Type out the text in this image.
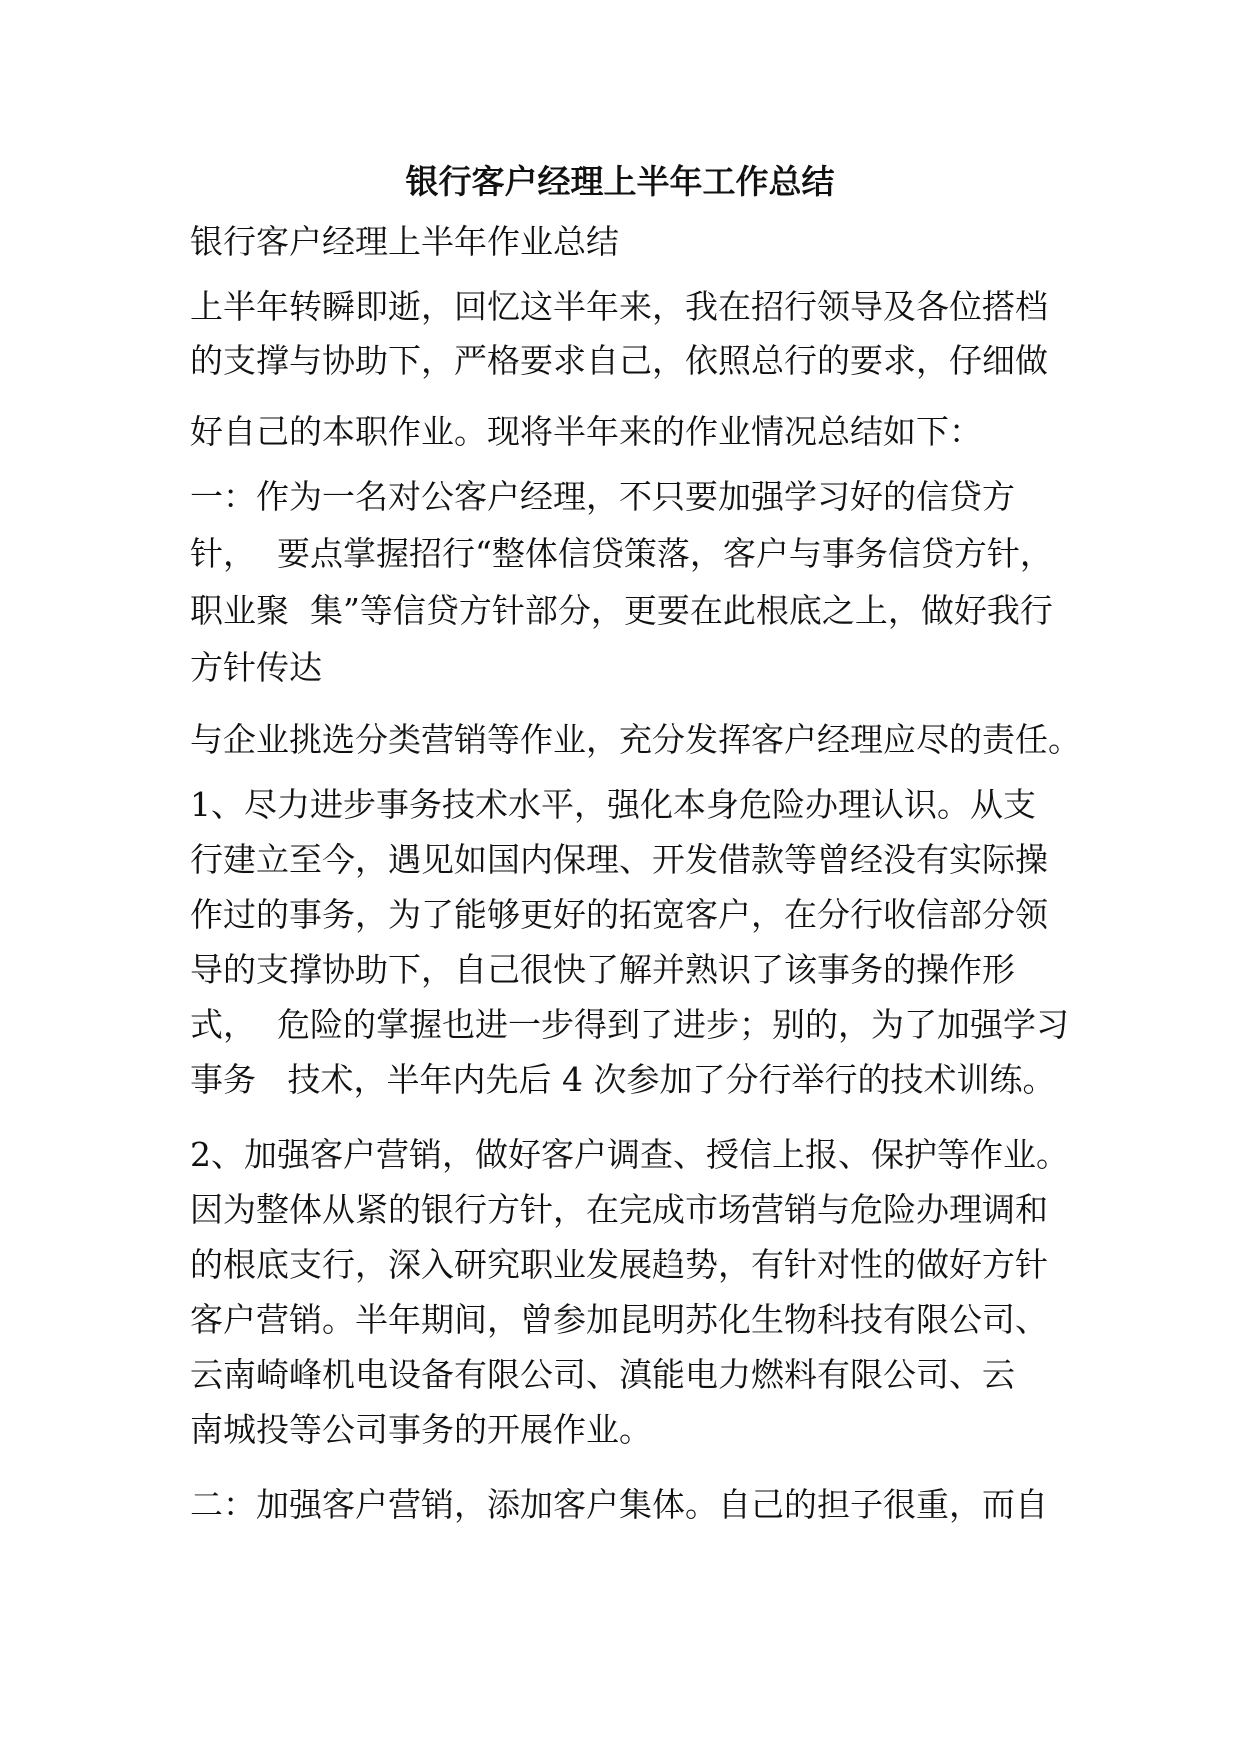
银行客户经理上半年工作总结
银行客户经理上半年作业总结
上半年转瞬即逝，回忆这半年来，我在招行领导及各位搭档
的支撑与协助下，严格要求自己，依照总行的要求，仔细做
好自己的本职作业。现将半年来的作业情况总结如下：
一：作为一名对公客户经理，不只要加强学习好的信贷方
针，  要点掌握招行“整体信贷策落，客户与事务信贷方针，
职业聚  集”等信贷方针部分，更要在此根底之上，做好我行
方针传达
与企业挑选分类营销等作业，充分发挥客户经理应尽的责任。
1、尽力进步事务技术水平，强化本身危险办理认识。从支
行建立至今，遇见如国内保理、开发借款等曾经没有实际操
作过的事务，为了能够更好的拓宽客户，在分行收信部分领
导的支撑协助下，自己很快了解并熟识了该事务的操作形
式，  危险的掌握也进一步得到了进步；别的，为了加强学习
事务   技术，半年内先后 4 次参加了分行举行的技术训练。
2、加强客户营销，做好客户调查、授信上报、保护等作业。
因为整体从紧的银行方针，在完成市场营销与危险办理调和
的根底支行，深入研究职业发展趋势，有针对性的做好方针
客户营销。半年期间，曾参加昆明苏化生物科技有限公司、
云南崎峰机电设备有限公司、滇能电力燃料有限公司、云
南城投等公司事务的开展作业。
二：加强客户营销，添加客户集体。自己的担子很重，而自
